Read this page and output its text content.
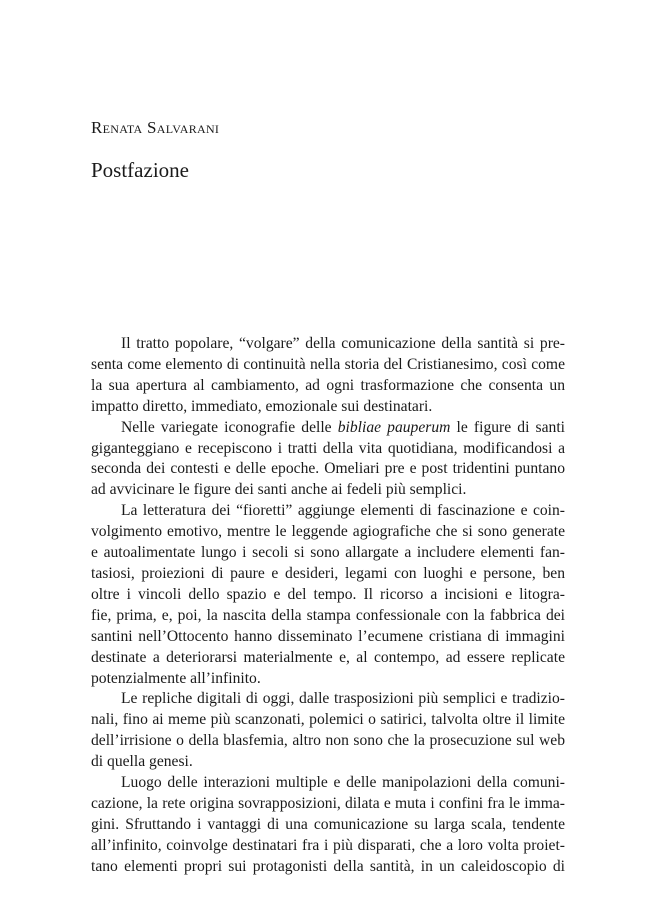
Renata Salvarani
Postfazione
Il tratto popolare, “volgare” della comunicazione della santità si pre-
senta come elemento di continuità nella storia del Cristianesimo, così come
la sua apertura al cambiamento, ad ogni trasformazione che consenta un
impatto diretto, immediato, emozionale sui destinatari.
Nelle variegate iconografie delle bibliae pauperum le figure di santi
giganteggiano e recepiscono i tratti della vita quotidiana, modificandosi a
seconda dei contesti e delle epoche. Omeliari pre e post tridentini puntano
ad avvicinare le figure dei santi anche ai fedeli più semplici.
La letteratura dei “fioretti” aggiunge elementi di fascinazione e coin-
volgimento emotivo, mentre le leggende agiografiche che si sono generate
e autoalimentate lungo i secoli si sono allargate a includere elementi fan-
tasiosi, proiezioni di paure e desideri, legami con luoghi e persone, ben
oltre i vincoli dello spazio e del tempo. Il ricorso a incisioni e litogra-
fie, prima, e, poi, la nascita della stampa confessionale con la fabbrica dei
santini nell’Ottocento hanno disseminato l’ecumene cristiana di immagini
destinate a deteriorarsi materialmente e, al contempo, ad essere replicate
potenzialmente all’infinito.
Le repliche digitali di oggi, dalle trasposizioni più semplici e tradizio-
nali, fino ai meme più scanzonati, polemici o satirici, talvolta oltre il limite
dell’irrisione o della blasfemia, altro non sono che la prosecuzione sul web
di quella genesi.
Luogo delle interazioni multiple e delle manipolazioni della comuni-
cazione, la rete origina sovrapposizioni, dilata e muta i confini fra le imma-
gini. Sfruttando i vantaggi di una comunicazione su larga scala, tendente
all’infinito, coinvolge destinatari fra i più disparati, che a loro volta proiet-
tano elementi propri sui protagonisti della santità, in un caleidoscopio di
